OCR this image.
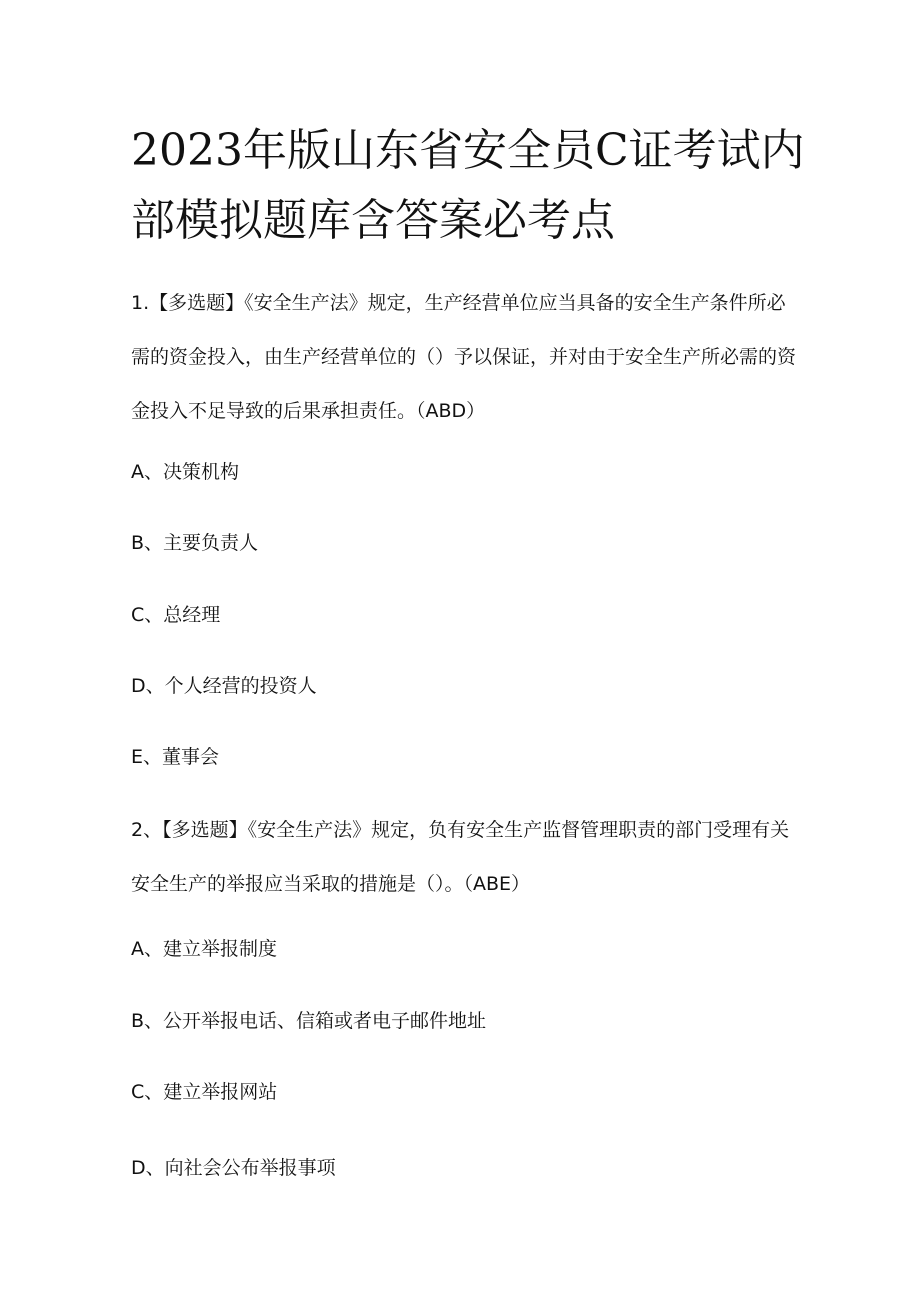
2023年版山东省安全员C证考试内部模拟题库含答案必考点

1.【多选题】《安全生产法》规定，生产经营单位应当具备的安全生产条件所必需的资金投入，由生产经营单位的（）予以保证，并对由于安全生产所必需的资金投入不足导致的后果承担责任。（ABD）

A、决策机构

B、主要负责人

C、总经理

D、个人经营的投资人

E、董事会

2、【多选题】《安全生产法》规定，负有安全生产监督管理职责的部门受理有关安全生产的举报应当采取的措施是（）。（ABE）

A、建立举报制度

B、公开举报电话、信箱或者电子邮件地址

C、建立举报网站

D、向社会公布举报事项
